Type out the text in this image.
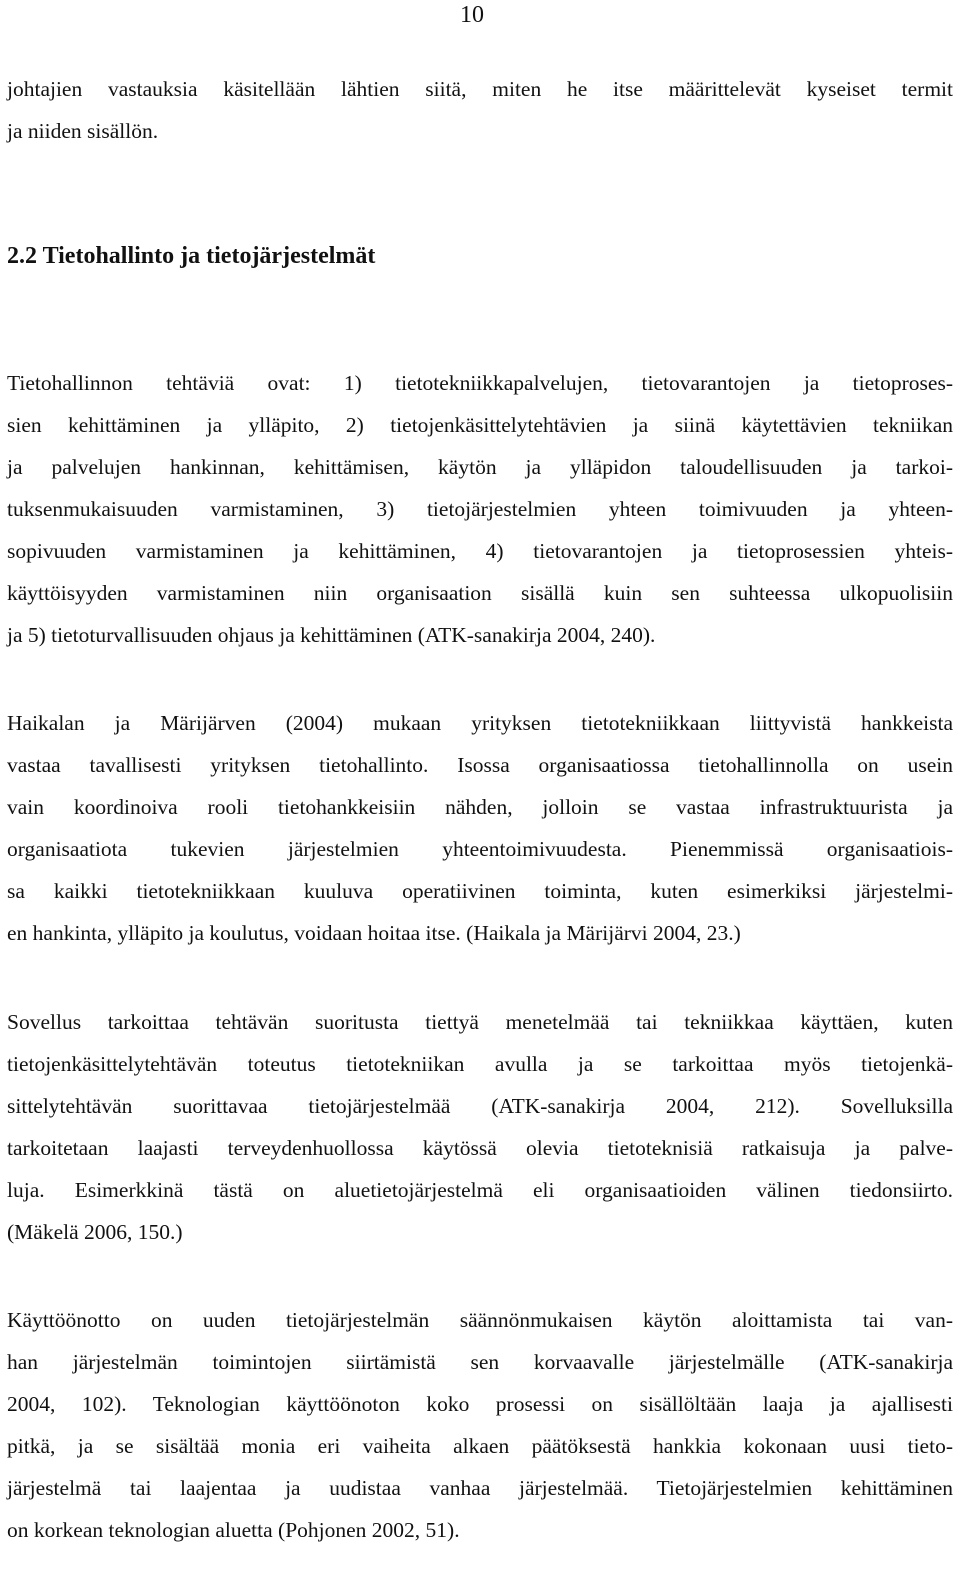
10

johtajien vastauksia käsitellään lähtien siitä, miten he itse määrittelevät kyseiset termit
ja niiden sisällön.

2.2 Tietohallinto ja tietojärjestelmät

Tietohallinnon tehtäviä ovat: 1) tietotekniikkapalvelujen, tietovarantojen ja tietoproses-
sien kehittäminen ja ylläpito, 2) tietojenkäsittelytehtävien ja siinä käytettävien tekniikan
ja palvelujen hankinnan, kehittämisen, käytön ja ylläpidon taloudellisuuden ja tarkoi-
tuksenmukaisuuden varmistaminen, 3) tietojärjestelmien yhteen toimivuuden ja yhteen-
sopivuuden varmistaminen ja kehittäminen, 4) tietovarantojen ja tietoprosessien yhteis-
käyttöisyyden varmistaminen niin organisaation sisällä kuin sen suhteessa ulkopuolisiin
ja 5) tietoturvallisuuden ohjaus ja kehittäminen (ATK-sanakirja 2004, 240).

Haikalan ja Märijärven (2004) mukaan yrityksen tietotekniikkaan liittyvistä hankkeista
vastaa tavallisesti yrityksen tietohallinto. Isossa organisaatiossa tietohallinnolla on usein
vain koordinoiva rooli tietohankkeisiin nähden, jolloin se vastaa infrastruktuurista ja
organisaatiota tukevien järjestelmien yhteentoimivuudesta. Pienemmissä organisaatiois-
sa kaikki tietotekniikkaan kuuluva operatiivinen toiminta, kuten esimerkiksi järjestelmi-
en hankinta, ylläpito ja koulutus, voidaan hoitaa itse. (Haikala ja Märijärvi 2004, 23.)

Sovellus tarkoittaa tehtävän suoritusta tiettyä menetelmää tai tekniikkaa käyttäen, kuten
tietojenkäsittelytehtävän toteutus tietotekniikan avulla ja se tarkoittaa myös tietojenkä-
sittelytehtävän suorittavaa tietojärjestelmää (ATK-sanakirja 2004, 212). Sovelluksilla
tarkoitetaan laajasti terveydenhuollossa käytössä olevia tietoteknisiä ratkaisuja ja palve-
luja. Esimerkkinä tästä on aluetietojärjestelmä eli organisaatioiden välinen tiedonsiirto.
(Mäkelä 2006, 150.)

Käyttöönotto on uuden tietojärjestelmän säännönmukaisen käytön aloittamista tai van-
han järjestelmän toimintojen siirtämistä sen korvaavalle järjestelmälle (ATK-sanakirja
2004, 102). Teknologian käyttöönoton koko prosessi on sisällöltään laaja ja ajallisesti
pitkä, ja se sisältää monia eri vaiheita alkaen päätöksestä hankkia kokonaan uusi tieto-
järjestelmä tai laajentaa ja uudistaa vanhaa järjestelmää. Tietojärjestelmien kehittäminen
on korkean teknologian aluetta (Pohjonen 2002, 51).
